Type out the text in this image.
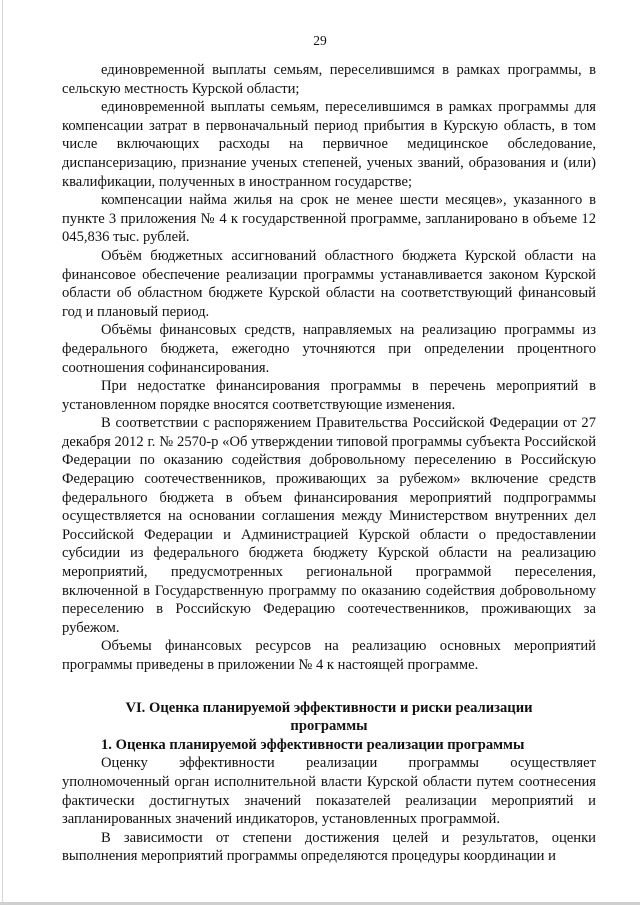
29

единовременной выплаты семьям, переселившимся в рамках программы, в сельскую местность Курской области;

единовременной выплаты семьям, переселившимся в рамках программы для компенсации затрат в первоначальный период прибытия в Курскую область, в том числе включающих расходы на первичное медицинское обследование, диспансеризацию, признание ученых степеней, ученых званий, образования и (или) квалификации, полученных в иностранном государстве;

компенсации найма жилья на срок не менее шести месяцев», указанного в пункте 3 приложения № 4 к государственной программе, запланировано в объеме 12 045,836 тыс. рублей.

Объём бюджетных ассигнований областного бюджета Курской области на финансовое обеспечение реализации программы устанавливается законом Курской области об областном бюджете Курской области на соответствующий финансовый год и плановый период.

Объёмы финансовых средств, направляемых на реализацию программы из федерального бюджета, ежегодно уточняются при определении процентного соотношения софинансирования.

При недостатке финансирования программы в перечень мероприятий в установленном порядке вносятся соответствующие изменения.

В соответствии с распоряжением Правительства Российской Федерации от 27 декабря 2012 г. № 2570-р «Об утверждении типовой программы субъекта Российской Федерации по оказанию содействия добровольному переселению в Российскую Федерацию соотечественников, проживающих за рубежом» включение средств федерального бюджета в объем финансирования мероприятий подпрограммы осуществляется на основании соглашения между Министерством внутренних дел Российской Федерации и Администрацией Курской области о предоставлении субсидии из федерального бюджета бюджету Курской области на реализацию мероприятий, предусмотренных региональной программой переселения, включенной в Государственную программу по оказанию содействия добровольному переселению в Российскую Федерацию соотечественников, проживающих за рубежом.

Объемы финансовых ресурсов на реализацию основных мероприятий программы приведены в приложении № 4 к настоящей программе.

VI. Оценка планируемой эффективности и риски реализации программы

1. Оценка планируемой эффективности реализации программы

Оценку эффективности реализации программы осуществляет уполномоченный орган исполнительной власти Курской области путем соотнесения фактически достигнутых значений показателей реализации мероприятий и запланированных значений индикаторов, установленных программой.

В зависимости от степени достижения целей и результатов, оценки выполнения мероприятий программы определяются процедуры координации и
